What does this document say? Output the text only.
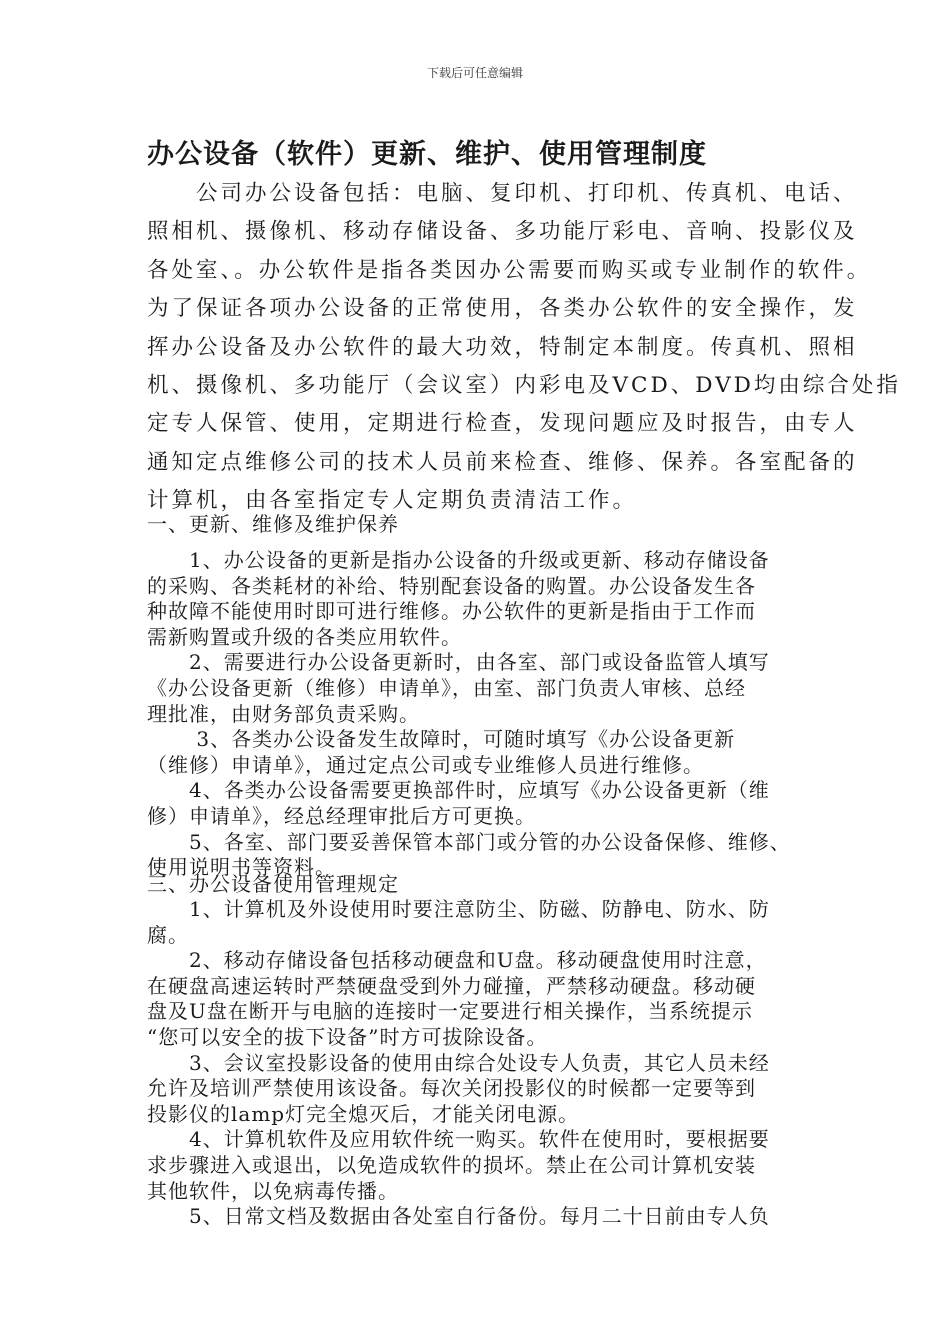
下载后可任意编辑
办公设备（软件）更新、维护、使用管理制度
　　公司办公设备包括：电脑、复印机、打印机、传真机、电话、
照相机、摄像机、移动存储设备、多功能厅彩电、音响、投影仪及
各处室、。办公软件是指各类因办公需要而购买或专业制作的软件。
为了保证各项办公设备的正常使用，各类办公软件的安全操作，发
挥办公设备及办公软件的最大功效，特制定本制度。传真机、照相
机、摄像机、多功能厅（会议室）内彩电及VCD、DVD均由综合处指
定专人保管、使用，定期进行检查，发现问题应及时报告，由专人
通知定点维修公司的技术人员前来检查、维修、保养。各室配备的
计算机，由各室指定专人定期负责清洁工作。
一、更新、维修及维护保养
　　1、办公设备的更新是指办公设备的升级或更新、移动存储设备
的采购、各类耗材的补给、特别配套设备的购置。办公设备发生各
种故障不能使用时即可进行维修。办公软件的更新是指由于工作而
需新购置或升级的各类应用软件。
　　2、需要进行办公设备更新时，由各室、部门或设备监管人填写
《办公设备更新（维修）申请单》，由室、部门负责人审核、总经
理批准，由财务部负责采购。
　　 3、各类办公设备发生故障时，可随时填写《办公设备更新
（维修）申请单》，通过定点公司或专业维修人员进行维修。
　　4、各类办公设备需要更换部件时，应填写《办公设备更新（维
修）申请单》，经总经理审批后方可更换。
　　5、各室、部门要妥善保管本部门或分管的办公设备保修、维修、
使用说明书等资料。
三、办公设备使用管理规定
　　1、计算机及外设使用时要注意防尘、防磁、防静电、防水、防
腐。
　　2、移动存储设备包括移动硬盘和U盘。移动硬盘使用时注意，
在硬盘高速运转时严禁硬盘受到外力碰撞，严禁移动硬盘。移动硬
盘及U盘在断开与电脑的连接时一定要进行相关操作，当系统提示
“您可以安全的拔下设备”时方可拔除设备。
　　3、会议室投影设备的使用由综合处设专人负责，其它人员未经
允许及培训严禁使用该设备。每次关闭投影仪的时候都一定要等到
投影仪的lamp灯完全熄灭后，才能关闭电源。
　　4、计算机软件及应用软件统一购买。软件在使用时，要根据要
求步骤进入或退出，以免造成软件的损坏。禁止在公司计算机安装
其他软件，以免病毒传播。
　　5、日常文档及数据由各处室自行备份。每月二十日前由专人负
